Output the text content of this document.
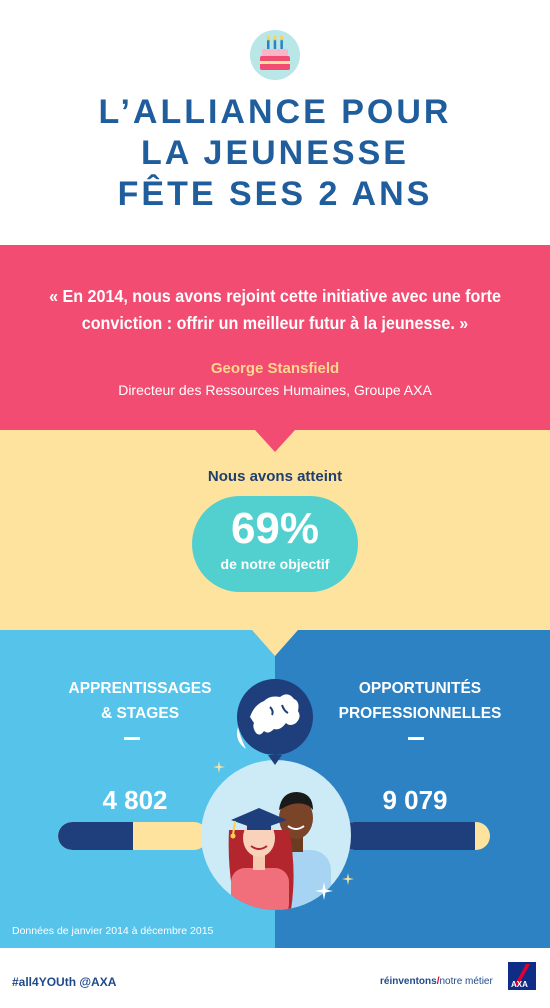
L’ALLIANCE POUR
LA JEUNESSE
FÊTE SES 2 ANS
« En 2014, nous avons rejoint cette initiative avec une forte conviction : offrir un meilleur futur à la jeunesse. »
George Stansfield
Directeur des Ressources Humaines, Groupe AXA
Nous avons atteint
69%
de notre objectif
APPRENTISSAGES
& STAGES
OPPORTUNITÉS
PROFESSIONNELLES
4 802	9 079
Données de janvier 2014 à décembre 2015
#all4YOUth @AXA	réinventons/notre métier AXA
